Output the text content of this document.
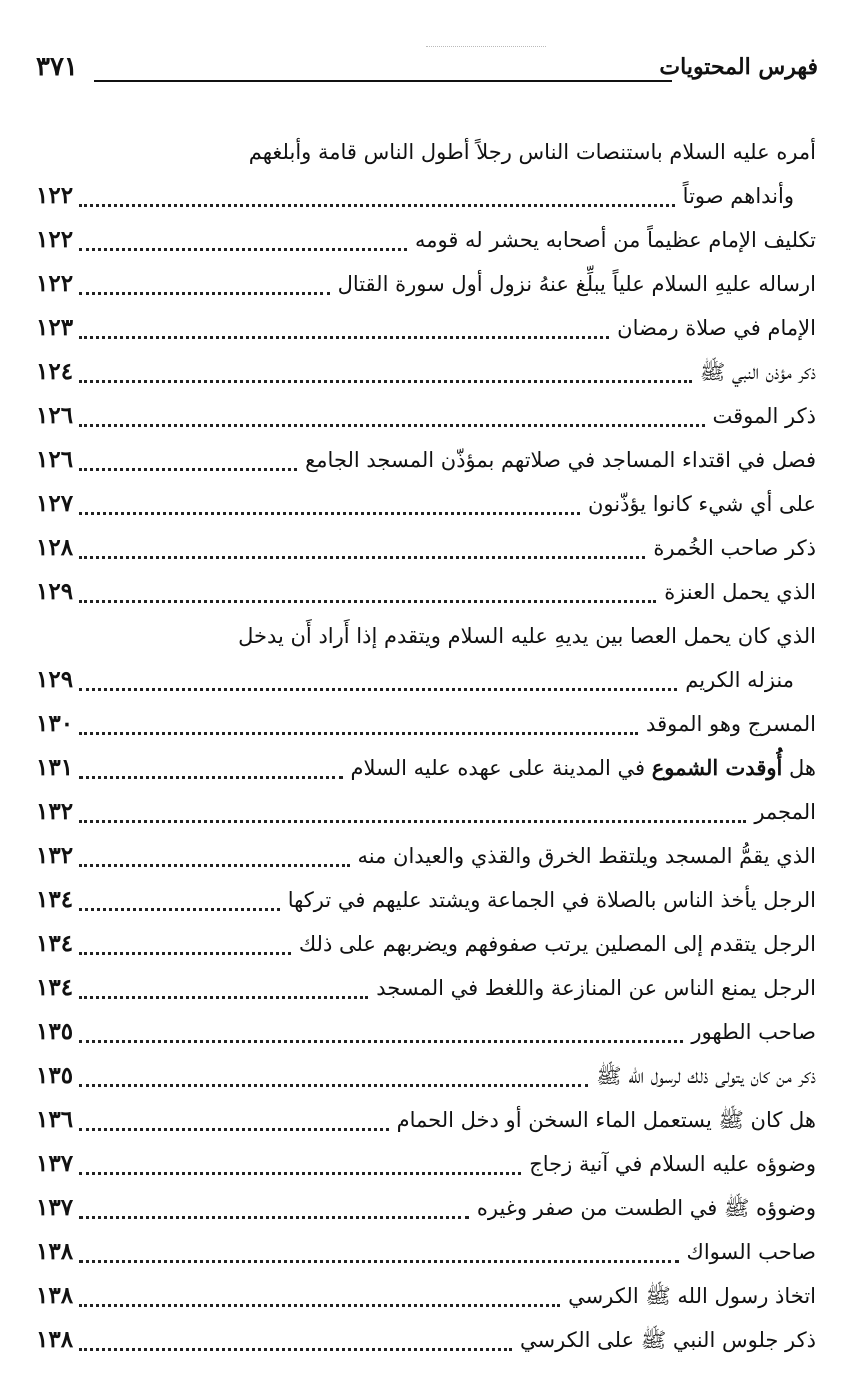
فهرس المحتويات
٣٧١
أمره عليه السلام باستنصات الناس رجلاً أطول الناس قامة وأبلغهم
وأنداهم صوتاً
١٢٢
تكليف الإمام عظيماً من أصحابه يحشر له قومه
١٢٢
ارساله عليهِ السلام علياً يبلِّغ عنهُ نزول أول سورة القتال
١٢٢
الإمام في صلاة رمضان
١٢٣
ذكر مؤذن النبي ﷺ
١٢٤
ذكر الموقت
١٢٦
فصل في اقتداء المساجد في صلاتهم بمؤذّن المسجد الجامع
١٢٦
على أي شيء كانوا يؤذّنون
١٢٧
ذكر صاحب الخُمرة
١٢٨
الذي يحمل العنزة
١٢٩
الذي كان يحمل العصا بين يديهِ عليه السلام ويتقدم إذا أَراد أَن يدخل
منزله الكريم
١٢٩
المسرج وهو الموقد
١٣٠
هل أُوقدت الشموع في المدينة على عهده عليه السلام
١٣١
المجمر
١٣٢
الذي يقمُّ المسجد ويلتقط الخرق والقذي والعيدان منه
١٣٢
الرجل يأخذ الناس بالصلاة في الجماعة ويشتد عليهم في تركها
١٣٤
الرجل يتقدم إلى المصلين يرتب صفوفهم ويضربهم على ذلك
١٣٤
الرجل يمنع الناس عن المنازعة واللغط في المسجد
١٣٤
صاحب الطهور
١٣٥
ذكر من كان يتولى ذلك لرسول الله ﷺ
١٣٥
هل كان ﷺ يستعمل الماء السخن أو دخل الحمام
١٣٦
وضوؤه عليه السلام في آنية زجاج
١٣٧
وضوؤه ﷺ في الطست من صفر وغيره
١٣٧
صاحب السواك
١٣٨
اتخاذ رسول الله ﷺ الكرسي
١٣٨
ذكر جلوس النبي ﷺ على الكرسي
١٣٨
